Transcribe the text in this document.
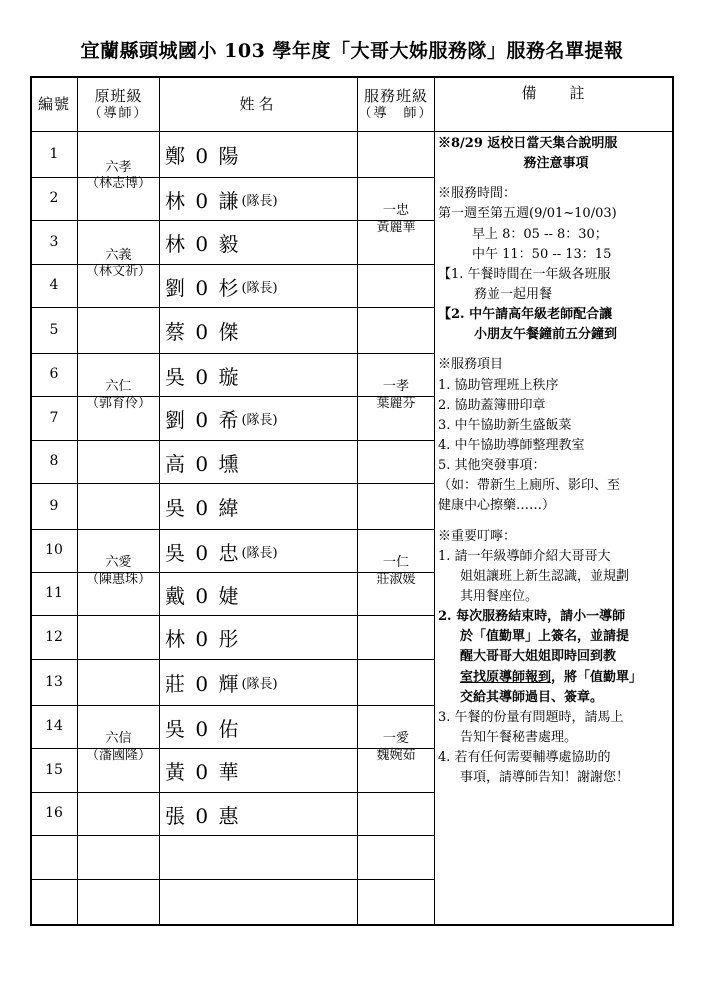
宜蘭縣頭城國小 103 學年度「大哥大姊服務隊」服務名單提報
編號	原班級
（導師）
姓名	服務班級
（導　師）
備　　註
1
2
3
4
5
6
7
8
9
10
11
12
13
14
15
16
六孝
（林志博）
六義
（林文祈）
六仁
（郭育伶）
六愛
（陳惠珠）
六信
（潘國隆）
鄭 0 陽
林 0 謙 (隊長)
林 0 毅
劉 0 杉 (隊長)
蔡 0 傑
吳 0 璇
劉 0 希 (隊長)
高 0 壎
吳 0 緯
吳 0 忠 (隊長)
戴 0 婕
林 0 彤
莊 0 輝 (隊長)
吳 0 佑
黃 0 華
張 0 惠
一忠
黃麗華
一孝
葉麗芬
一仁
莊淑媛
一愛
魏婉茹

※8/29 返校日當天集合說明服

務注意事項

※服務時間：

第一週至第五週(9/01~10/03)

早上 8：05 -- 8：30；

中午 11：50 -- 13：15

【1. 午餐時間在一年級各班服

務並一起用餐

【2. 中午請高年級老師配合讓

小朋友午餐鐘前五分鐘到

※服務項目

1. 協助管理班上秩序

2. 協助蓋簿冊印章

3. 中午協助新生盛飯菜

4. 中午協助導師整理教室

5. 其他突發事項：

（如：帶新生上廁所、影印、至

健康中心擦藥……）

※重要叮嚀：

1. 請一年級導師介紹大哥哥大

姐姐讓班上新生認識，並規劃

其用餐座位。

2. 每次服務結束時，請小一導師

於「值勤單」上簽名，並請提

醒大哥哥大姐姐即時回到教

室找原導師報到，將「值勤單」

交給其導師過目、簽章。

3. 午餐的份量有問題時，請馬上

告知午餐秘書處理。

4. 若有任何需要輔導處協助的

事項，請導師告知！謝謝您！
